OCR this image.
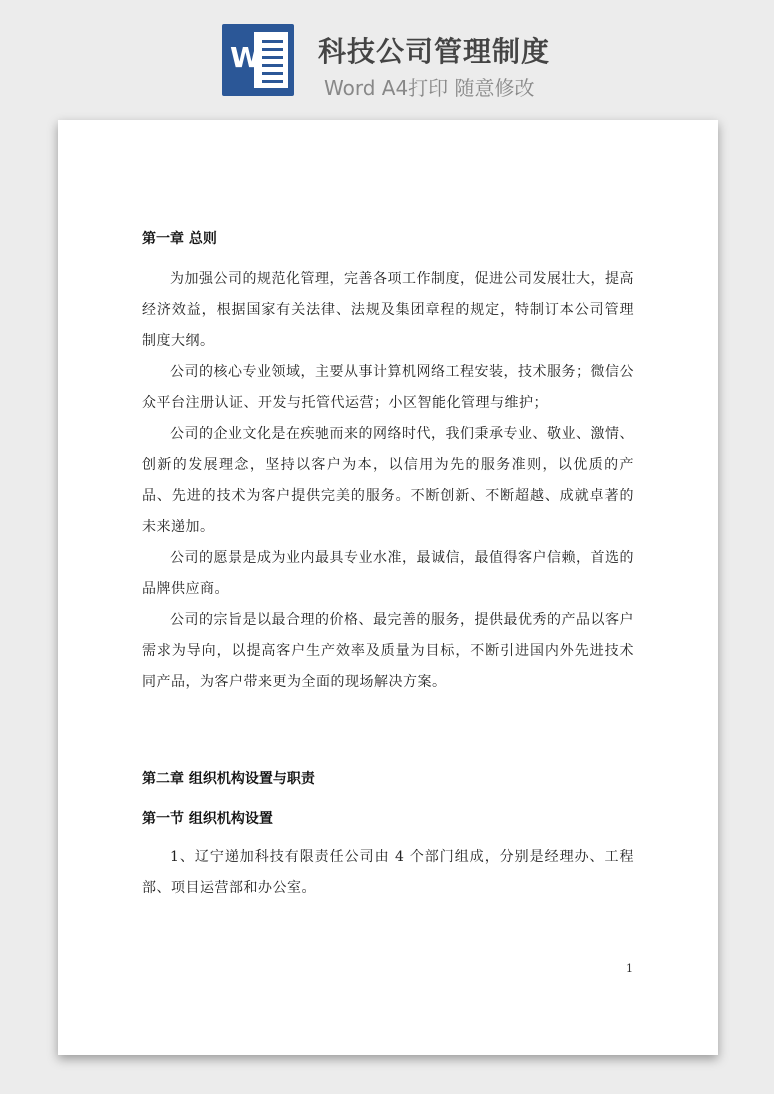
W 科技公司管理制度
Word A4打印 随意修改
​
第一章 总则

为加强公司的规范化管理，完善各项工作制度，促进公司发展壮大，提高经济效益，根据国家有关法律、法规及集团章程的规定，特制订本公司管理制度大纲。

公司的核心专业领域，主要从事计算机网络工程安装，技术服务；微信公众平台注册认证、开发与托管代运营；小区智能化管理与维护；

公司的企业文化是在疾驰而来的网络时代，我们秉承专业、敬业、激情、创新的发展理念，坚持以客户为本，以信用为先的服务准则，以优质的产品、先进的技术为客户提供完美的服务。不断创新、不断超越、成就卓著的未来递加。

公司的愿景是成为业内最具专业水准，最诚信，最值得客户信赖，首选的品牌供应商。

公司的宗旨是以最合理的价格、最完善的服务，提供最优秀的产品以客户需求为导向，以提高客户生产效率及质量为目标，不断引进国内外先进技术同产品，为客户带来更为全面的现场解决方案。

第二章 组织机构设置与职责
第一节 组织机构设置

1、辽宁递加科技有限责任公司由 4 个部门组成，分别是经理办、工程部、项目运营部和办公室。

1
